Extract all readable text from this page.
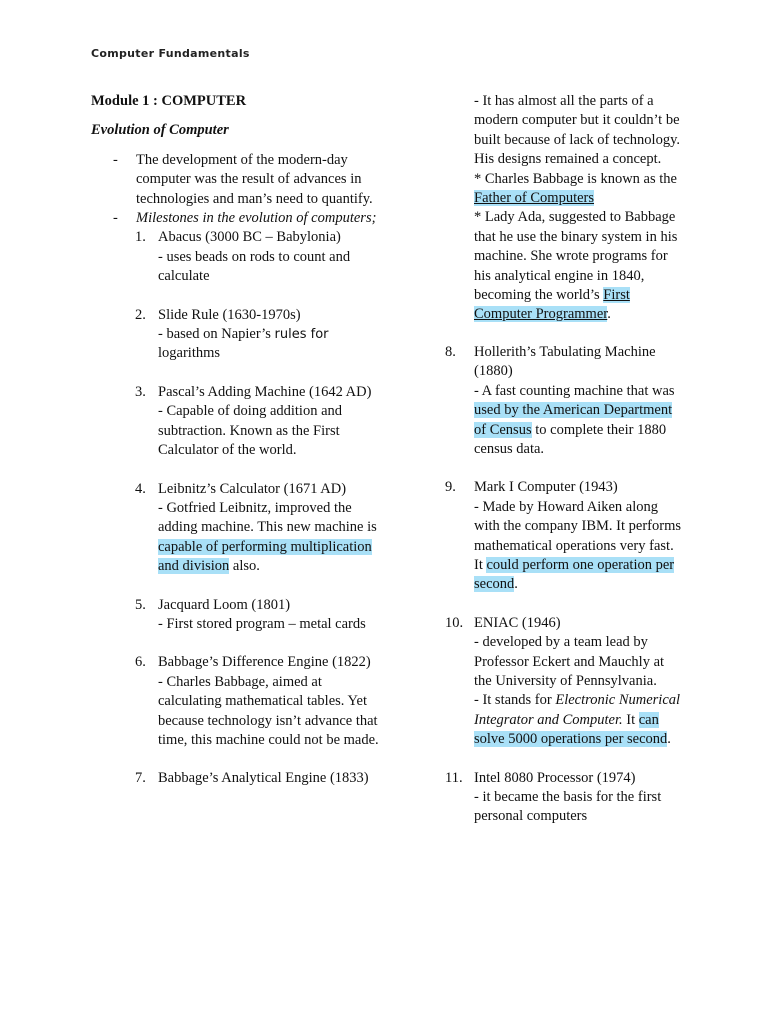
Computer Fundamentals
Module 1 : COMPUTER
Evolution of Computer
- The development of the modern-day computer was the result of advances in technologies and man’s need to quantify.
- Milestones in the evolution of computers;
1. Abacus (3000 BC – Babylonia)
- uses beads on rods to count and calculate
2. Slide Rule (1630-1970s)
- based on Napier’s rules for
logarithms
3. Pascal’s Adding Machine (1642 AD)
- Capable of doing addition and subtraction. Known as the First Calculator of the world.
4. Leibnitz’s Calculator (1671 AD)
- Gotfried Leibnitz, improved the adding machine. This new machine is capable of performing multiplication and division also.
5. Jacquard Loom (1801)
- First stored program – metal cards
6. Babbage’s Difference Engine (1822)
- Charles Babbage, aimed at calculating mathematical tables. Yet because technology isn’t advance that time, this machine could not be made.
7. Babbage’s Analytical Engine (1833)
- It has almost all the parts of a modern computer but it couldn’t be built because of lack of technology. His designs remained a concept.
* Charles Babbage is known as the Father of Computers
* Lady Ada, suggested to Babbage that he use the binary system in his machine. She wrote programs for his analytical engine in 1840, becoming the world’s First Computer Programmer.
8. Hollerith’s Tabulating Machine (1880)
- A fast counting machine that was used by the American Department of Census to complete their 1880 census data.
9. Mark I Computer (1943)
- Made by Howard Aiken along with the company IBM. It performs mathematical operations very fast. It could perform one operation per second.
10. ENIAC (1946)
- developed by a team lead by Professor Eckert and Mauchly at the University of Pennsylvania.
- It stands for Electronic Numerical Integrator and Computer. It can solve 5000 operations per second.
11. Intel 8080 Processor (1974)
- it became the basis for the first personal computers
